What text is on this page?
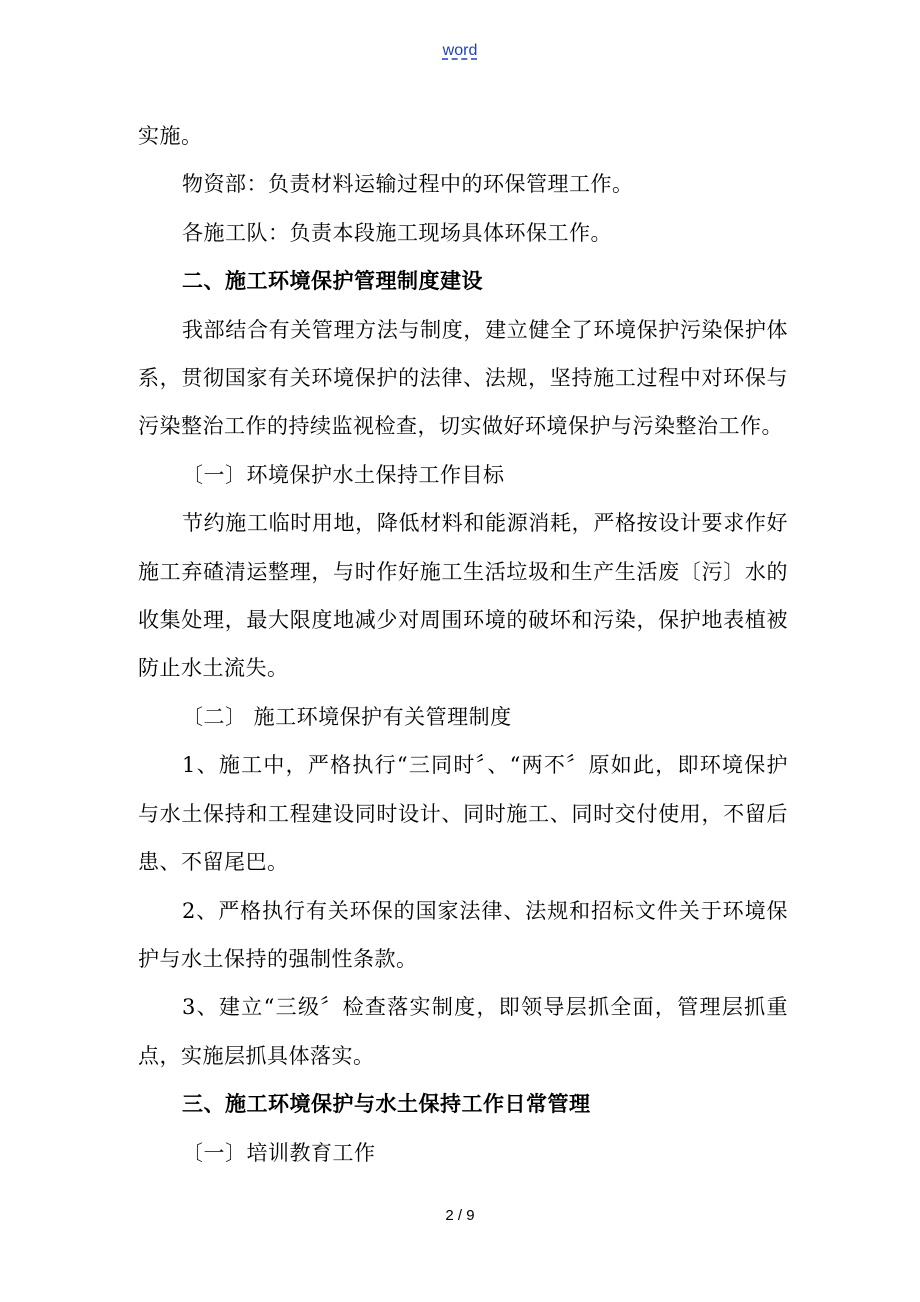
word

实施。

物资部：负责材料运输过程中的环保管理工作。

各施工队：负责本段施工现场具体环保工作。

二、施工环境保护管理制度建设

我部结合有关管理方法与制度，建立健全了环境保护污染保护体系，贯彻国家有关环境保护的法律、法规，坚持施工过程中对环保与污染整治工作的持续监视检查，切实做好环境保护与污染整治工作。

〔一〕环境保护水土保持工作目标

节约施工临时用地，降低材料和能源消耗，严格按设计要求作好施工弃碴清运整理，与时作好施工生活垃圾和生产生活废〔污〕水的收集处理，最大限度地减少对周围环境的破坏和污染，保护地表植被防止水土流失。

〔二〕 施工环境保护有关管理制度

1、施工中，严格执行“三同时〞、“两不〞原如此，即环境保护与水土保持和工程建设同时设计、同时施工、同时交付使用，不留后患、不留尾巴。

2、严格执行有关环保的国家法律、法规和招标文件关于环境保护与水土保持的强制性条款。

3、建立“三级〞检查落实制度，即领导层抓全面，管理层抓重点，实施层抓具体落实。

三、施工环境保护与水土保持工作日常管理

〔一〕培训教育工作

2 / 9
